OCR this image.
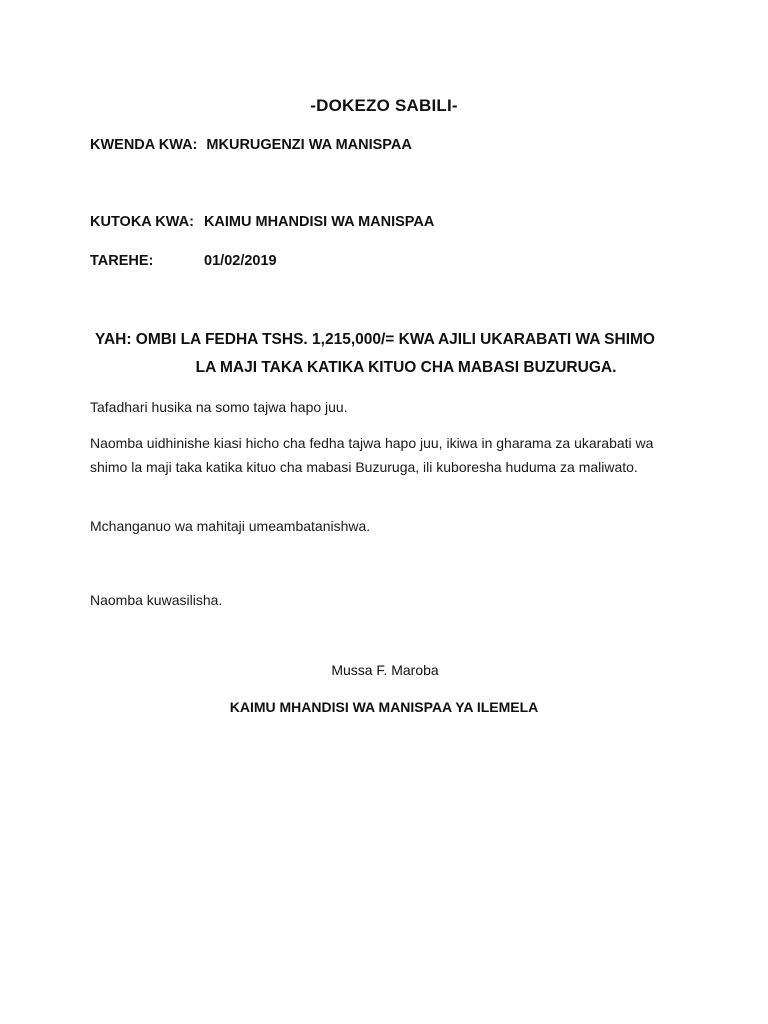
-DOKEZO SABILI-
KWENDA KWA: MKURUGENZI WA MANISPAA
KUTOKA KWA: KAIMU MHANDISI WA MANISPAA
TAREHE:	01/02/2019
YAH: OMBI LA FEDHA TSHS. 1,215,000/= KWA AJILI UKARABATI WA SHIMO
LA MAJI TAKA KATIKA KITUO CHA MABASI BUZURUGA.
Tafadhari husika na somo tajwa hapo juu.
Naomba uidhinishe kiasi hicho cha fedha tajwa hapo juu, ikiwa in gharama za ukarabati wa shimo la maji taka katika kituo cha mabasi Buzuruga, ili kuboresha huduma za maliwato.
Mchanganuo wa mahitaji umeambatanishwa.
Naomba kuwasilisha.
Mussa F. Maroba
KAIMU MHANDISI WA MANISPAA YA ILEMELA
